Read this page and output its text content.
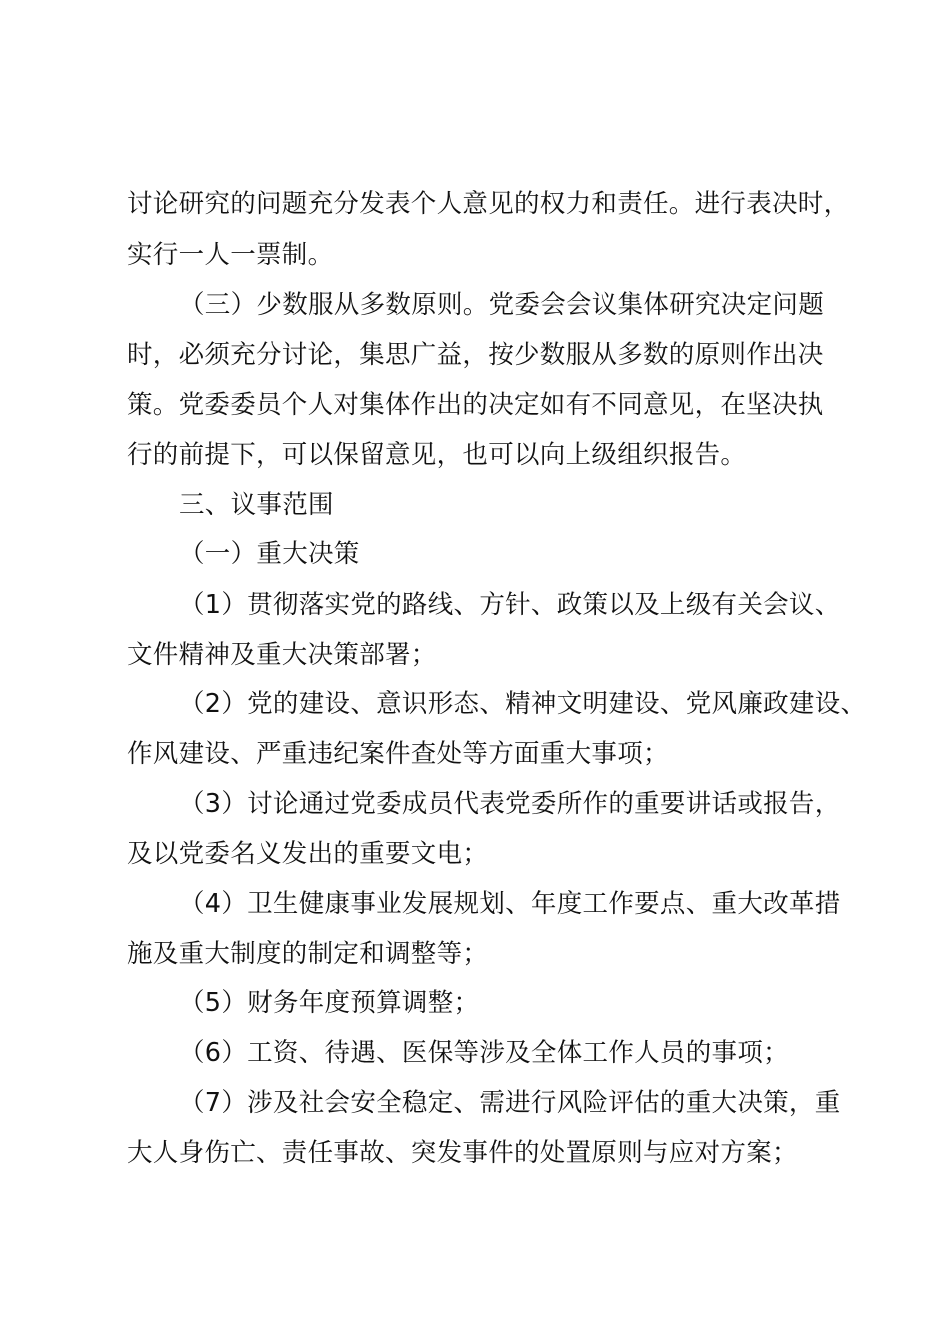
讨论研究的问题充分发表个人意见的权力和责任。进行表决时，
实行一人一票制。
（三）少数服从多数原则。党委会会议集体研究决定问题
时，必须充分讨论，集思广益，按少数服从多数的原则作出决
策。党委委员个人对集体作出的决定如有不同意见，在坚决执
行的前提下，可以保留意见，也可以向上级组织报告。
三、议事范围
（一）重大决策
（1）贯彻落实党的路线、方针、政策以及上级有关会议、
文件精神及重大决策部署；
（2）党的建设、意识形态、精神文明建设、党风廉政建设、
作风建设、严重违纪案件查处等方面重大事项；
（3）讨论通过党委成员代表党委所作的重要讲话或报告，
及以党委名义发出的重要文电；
（4）卫生健康事业发展规划、年度工作要点、重大改革措
施及重大制度的制定和调整等；
（5）财务年度预算调整；
（6）工资、待遇、医保等涉及全体工作人员的事项；
（7）涉及社会安全稳定、需进行风险评估的重大决策，重
大人身伤亡、责任事故、突发事件的处置原则与应对方案；
